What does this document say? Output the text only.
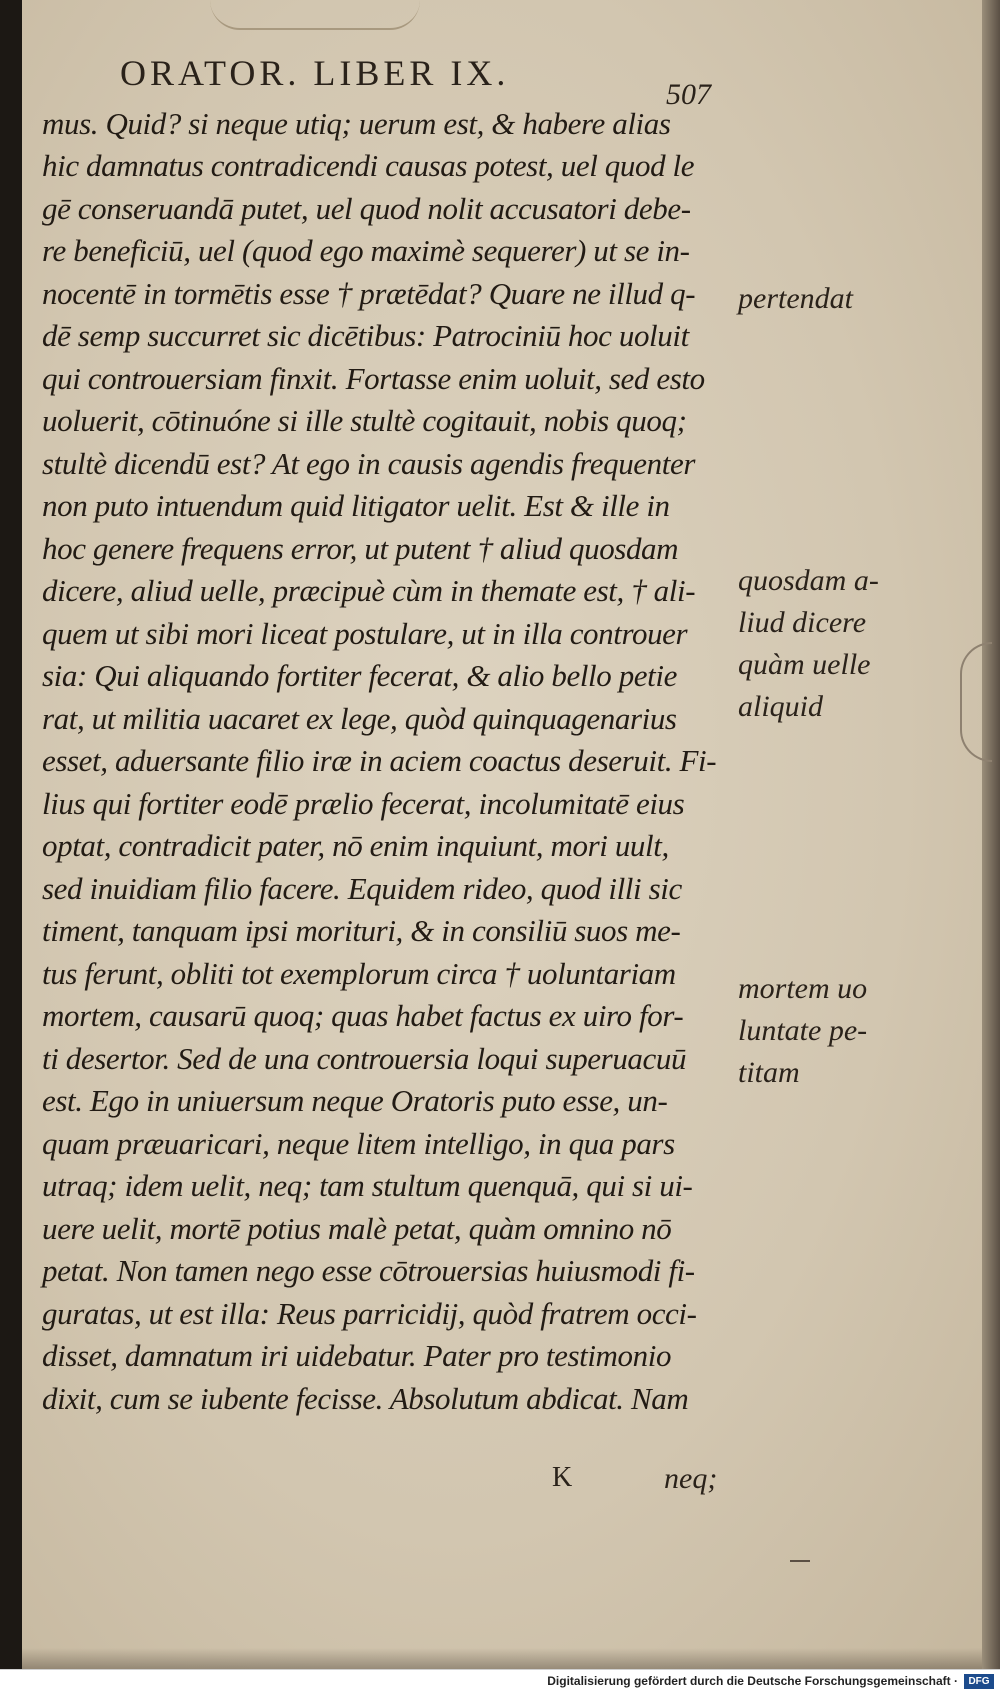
ORATOR. LIBER IX.
507
mus. Quid? si neque utiq; uerum est, & habere alias
hic damnatus contradicendi causas potest, uel quod le
gē conseruandā putet, uel quod nolit accusatori debe-
re beneficiū, uel (quod ego maximè sequerer) ut se in-
nocentē in tormētis esse † prætēdat? Quare ne illud q-
dē semp succurret sic dicētibus: Patrociniū hoc uoluit
qui controuersiam finxit. Fortasse enim uoluit, sed esto
uoluerit, cōtinuóne si ille stultè cogitauit, nobis quoq;
stultè dicendū est? At ego in causis agendis frequenter
non puto intuendum quid litigator uelit. Est & ille in
hoc genere frequens error, ut putent † aliud quosdam
dicere, aliud uelle, præcipuè cùm in themate est, † ali-
quem ut sibi mori liceat postulare, ut in illa controuer
sia: Qui aliquando fortiter fecerat, & alio bello petie
rat, ut militia uacaret ex lege, quòd quinquagenarius
esset, aduersante filio iræ in aciem coactus deseruit. Fi-
lius qui fortiter eodē prælio fecerat, incolumitatē eius
optat, contradicit pater, nō enim inquiunt, mori uult,
sed inuidiam filio facere. Equidem rideo, quod illi sic
timent, tanquam ipsi morituri, & in consiliū suos me-
tus ferunt, obliti tot exemplorum circa † uoluntariam
mortem, causarū quoq; quas habet factus ex uiro for-
ti desertor. Sed de una controuersia loqui superuacuū
est. Ego in uniuersum neque Oratoris puto esse, un-
quam præuaricari, neque litem intelligo, in qua pars
utraq; idem uelit, neq; tam stultum quenquā, qui si ui-
uere uelit, mortē potius malè petat, quàm omnino nō
petat. Non tamen nego esse cōtrouersias huiusmodi fi-
guratas, ut est illa: Reus parricidij, quòd fratrem occi-
disset, damnatum iri uidebatur. Pater pro testimonio
dixit, cum se iubente fecisse. Absolutum abdicat. Nam
pertendat
quosdam a-
liud dicere
quàm uelle
aliquid
mortem uo
luntate pe-
titam
K	neq;
Digitalisierung gefördert durch die Deutsche Forschungsgemeinschaft ·	DFG
